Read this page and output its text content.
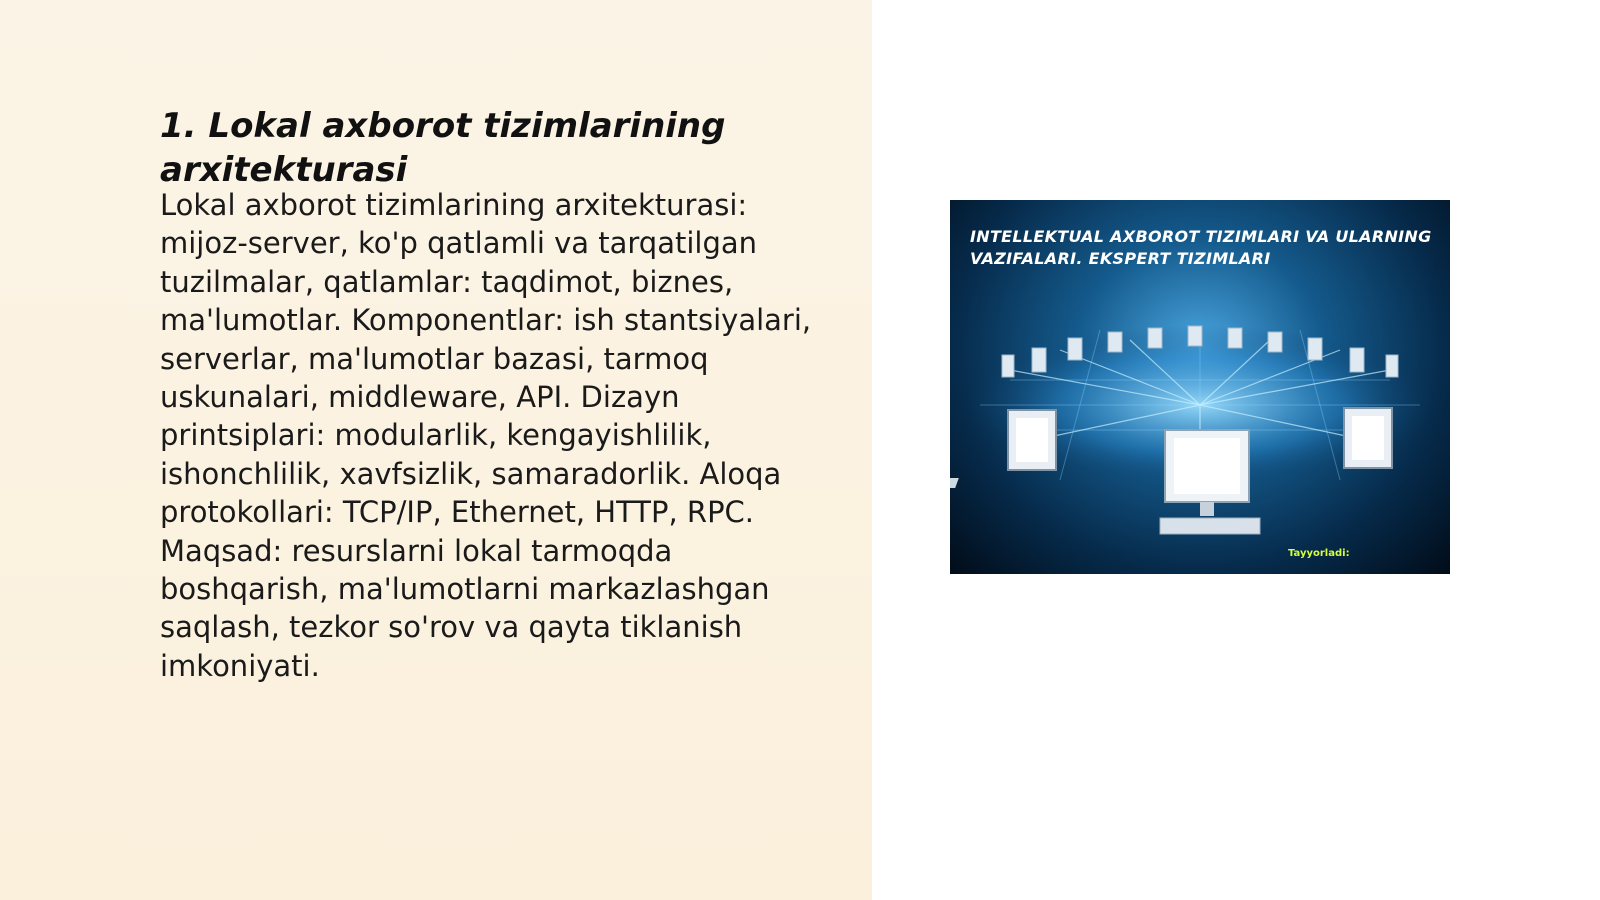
1. Lokal axborot tizimlarining arxitekturasi

Lokal axborot tizimlarining arxitekturasi: mijoz-server, ko'p qatlamli va tarqatilgan tuzilmalar, qatlamlar: taqdimot, biznes, ma'lumotlar. Komponentlar: ish stantsiyalari, serverlar, ma'lumotlar bazasi, tarmoq uskunalari, middleware, API. Dizayn printsiplari: modularlik, kengayishlilik, ishonchlilik, xavfsizlik, samaradorlik. Aloqa protokollari: TCP/IP, Ethernet, HTTP, RPC. Maqsad: resurslarni lokal tarmoqda boshqarish, ma'lumotlarni markazlashgan saqlash, tezkor so'rov va qayta tiklanish imkoniyati.

INTELLEKTUAL AXBOROT TIZIMLARI VA ULARNING VAZIFALARI. EKSPERT TIZIMLARI

Tayyorladi:
